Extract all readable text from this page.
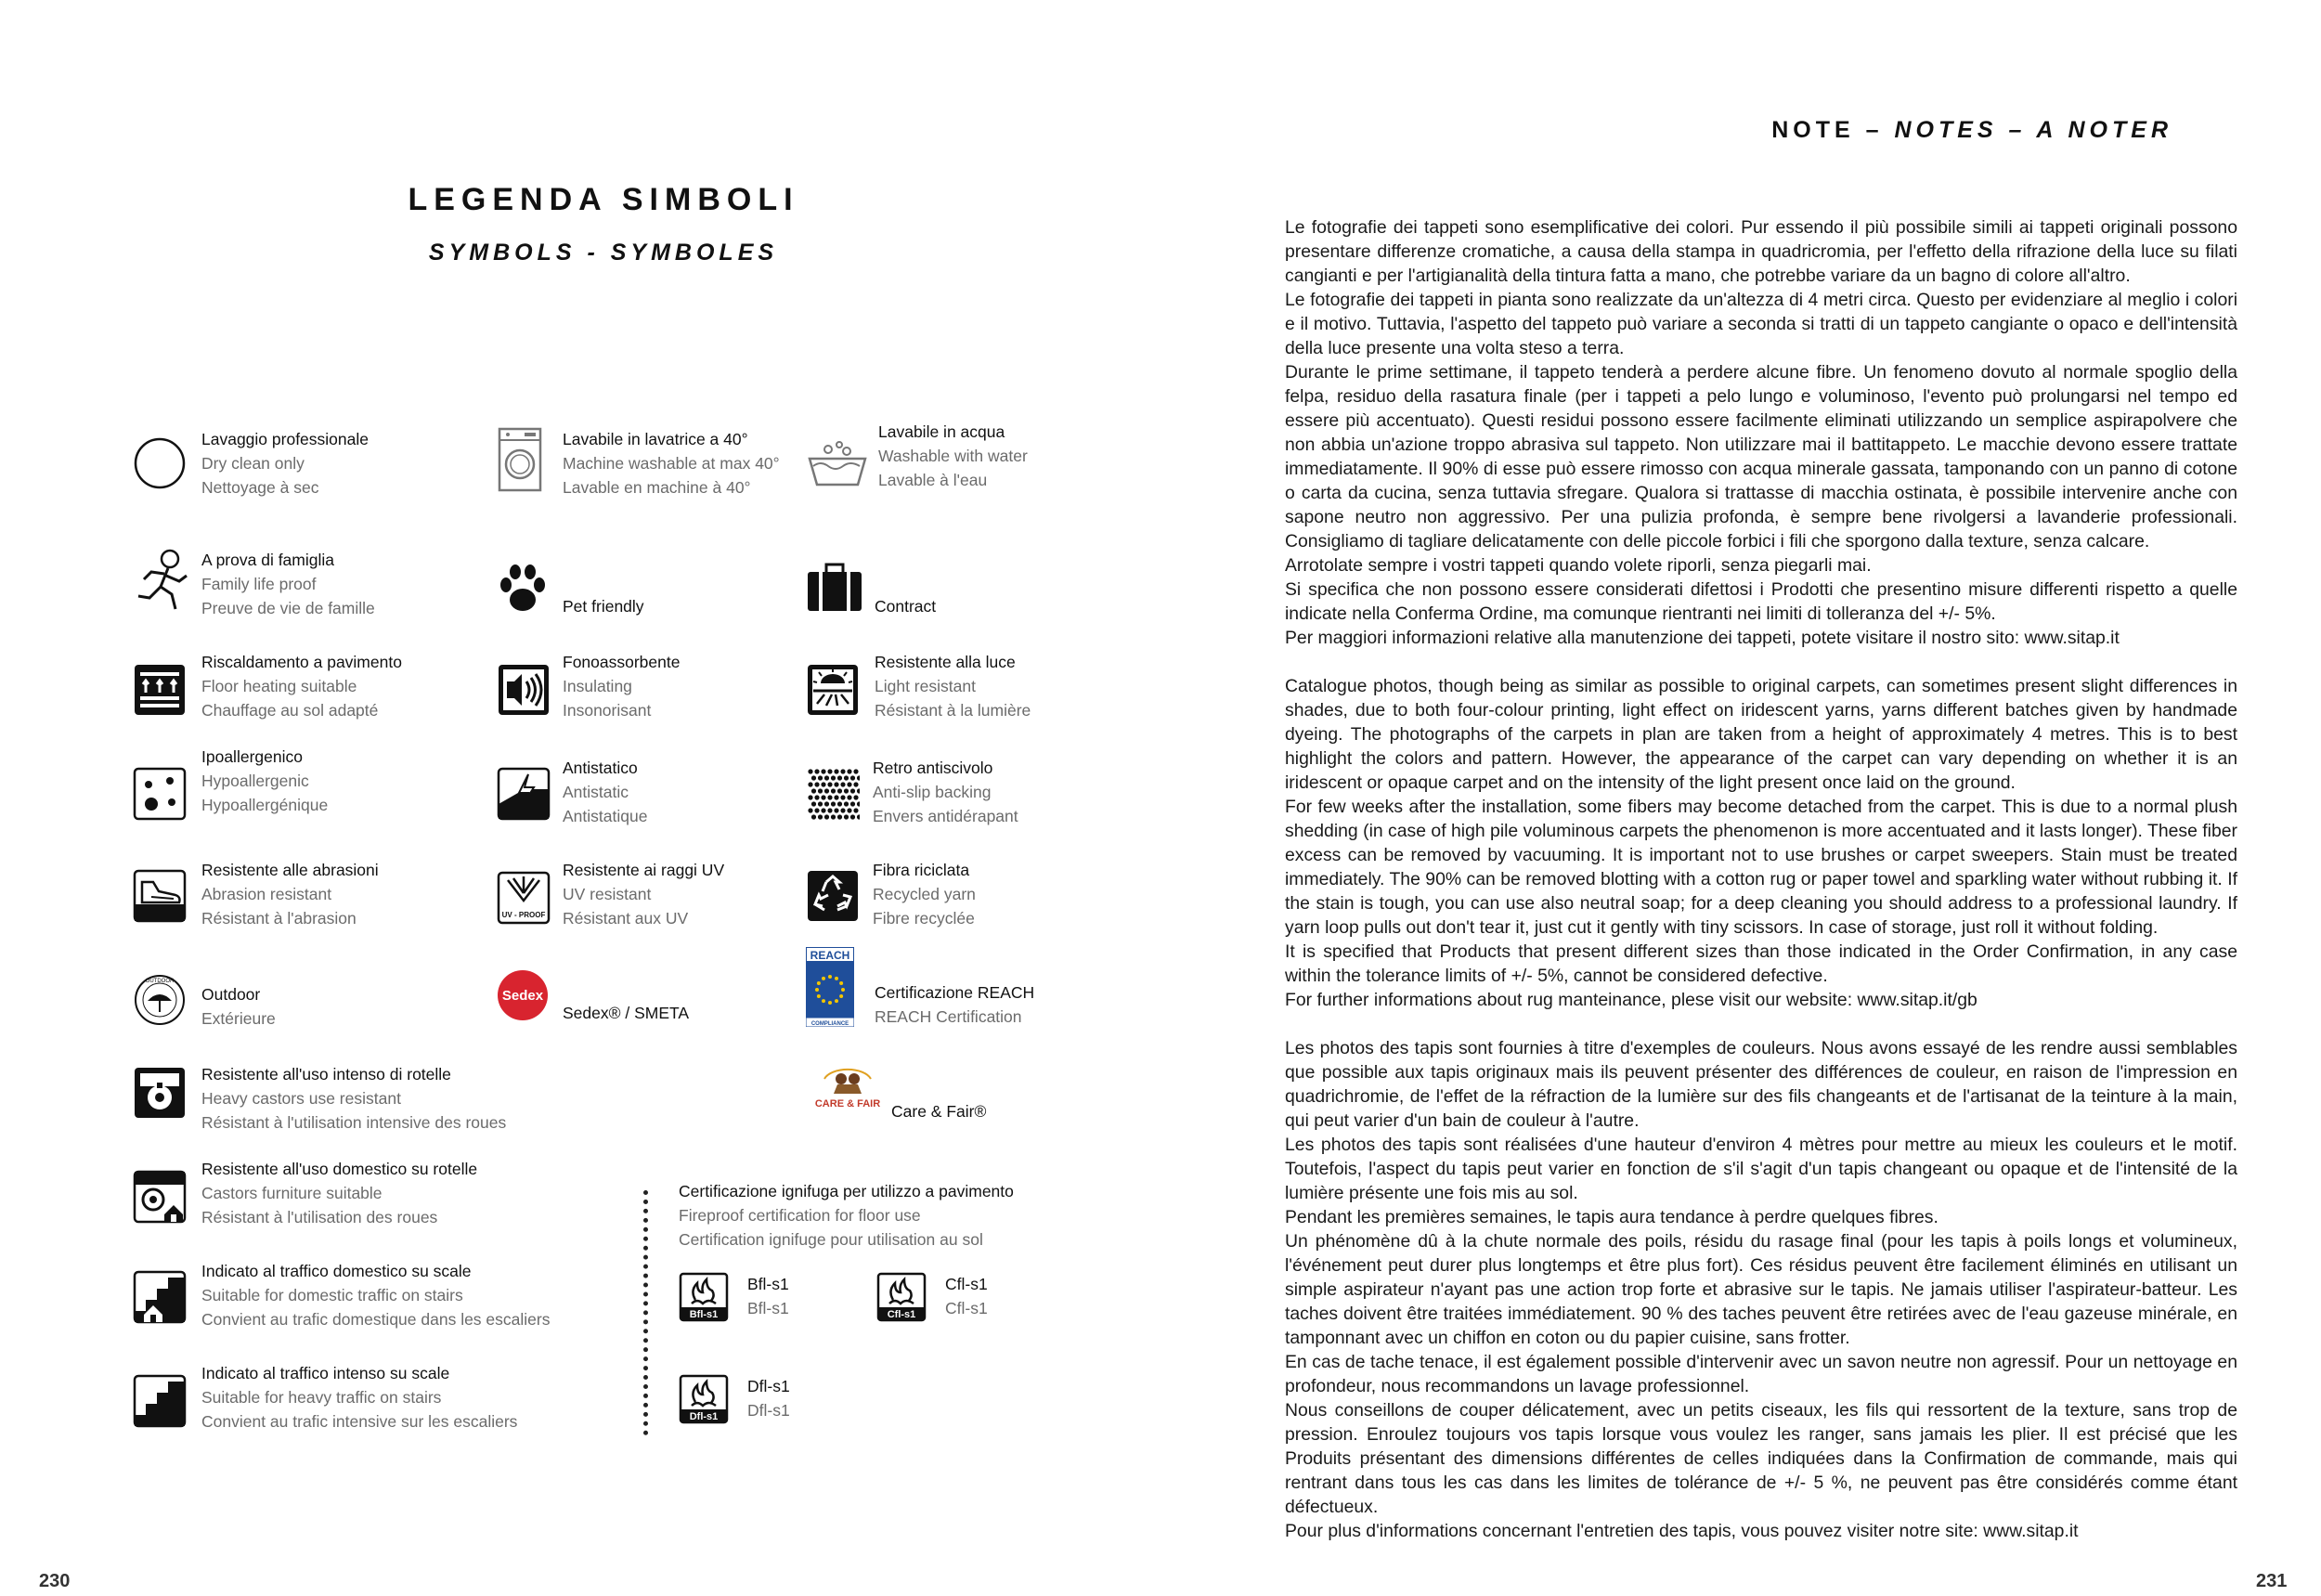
LEGENDA SIMBOLI
SYMBOLS - SYMBOLES
Lavaggio professionale
Dry clean only
Nettoyage à sec
Lavabile in lavatrice a 40°
Machine washable at max 40°
Lavable en machine à 40°
Lavabile in acqua
Washable with water
Lavable à l'eau
A prova di famiglia
Family life proof
Preuve de vie de famille	Pet friendly	Contract
Riscaldamento a pavimento
Floor heating suitable
Chauffage au sol adapté
Fonoassorbente
Insulating
Insonorisant
Resistente alla luce
Light resistant
Résistant à la lumière
Ipoallergenico
Hypoallergenic
Hypoallergénique
Antistatico
Antistatic
Antistatique
Retro antiscivolo
Anti-slip backing
Envers antidérapant
Resistente alle abrasioni
Abrasion resistant
Résistant à l'abrasion	UV - PROOF
Resistente ai raggi UV
UV resistant
Résistant aux UV
Fibra riciclata
Recycled yarn
Fibre recyclée
OUTDOOR
Outdoor
Extérieure
Sedex
Sedex® / SMETA
REACH
COMPLIANCE
Certificazione REACH
REACH Certification
Resistente all'uso intenso di rotelle
Heavy castors use resistant
Résistant à l'utilisation intensive des roues
CARE & FAIR Care & Fair®
Resistente all'uso domestico su rotelle
Castors furniture suitable
Résistant à l'utilisation des roues
Certificazione ignifuga per utilizzo a pavimento
Fireproof certification for floor use
Certification ignifuge pour utilisation au sol
Indicato al traffico domestico su scale
Suitable for domestic traffic on stairs
Convient au trafic domestique dans les escaliers	Bfl-s1
Bfl-s1
Bfl-s1	Cfl-s1
Cfl-s1
Cfl-s1
Indicato al traffico intenso su scale
Suitable for heavy traffic on stairs
Convient au trafic intensive sur les escaliers	Dfl-s1
Dfl-s1
Dfl-s1
230
NOTE – NOTES – A NOTER

Le fotografie dei tappeti sono esemplificative dei colori. Pur essendo il più possibile simili ai tappeti originali possono presentare differenze cromatiche, a causa della stampa in quadricromia, per l'effetto della rifrazione della luce su filati cangianti e per l'artigianalità della tintura fatta a mano, che potrebbe variare da un bagno di colore all'altro.

Le fotografie dei tappeti in pianta sono realizzate da un'altezza di 4 metri circa. Questo per evidenziare al meglio i colori e il motivo. Tuttavia, l'aspetto del tappeto può variare a seconda si tratti di un tappeto cangiante o opaco e dell'intensità della luce presente una volta steso a terra.

Durante le prime settimane, il tappeto tenderà a perdere alcune fibre. Un fenomeno dovuto al normale spoglio della felpa, residuo della rasatura finale (per i tappeti a pelo lungo e voluminoso, l'evento può prolungarsi nel tempo ed essere più accentuato). Questi residui possono essere facilmente eliminati utilizzando un semplice aspirapolvere che non abbia un'azione troppo abrasiva sul tappeto. Non utilizzare mai il battitappeto. Le macchie devono essere trattate immediatamente. Il 90% di esse può essere rimosso con acqua minerale gassata, tamponando con un panno di cotone o carta da cucina, senza tuttavia sfregare. Qualora si trattasse di macchia ostinata, è possibile intervenire anche con sapone neutro non aggressivo. Per una pulizia profonda, è sempre bene rivolgersi a lavanderie professionali. Consigliamo di tagliare delicatamente con delle piccole forbici i fili che sporgono dalla texture, senza calcare.

Arrotolate sempre i vostri tappeti quando volete riporli, senza piegarli mai.

Si specifica che non possono essere considerati difettosi i Prodotti che presentino misure differenti rispetto a quelle indicate nella Conferma Ordine, ma comunque rientranti nei limiti di tolleranza del +/- 5%.

Per maggiori informazioni relative alla manutenzione dei tappeti, potete visitare il nostro sito: www.sitap.it

Catalogue photos, though being as similar as possible to original carpets, can sometimes present slight differences in shades, due to both four-colour printing, light effect on iridescent yarns, yarns different batches given by handmade dyeing. The photographs of the carpets in plan are taken from a height of approximately 4 metres. This is to best highlight the colors and pattern. However, the appearance of the carpet can vary depending on whether it is an iridescent or opaque carpet and on the intensity of the light present once laid on the ground.

For few weeks after the installation, some fibers may become detached from the carpet. This is due to a normal plush shedding (in case of high pile voluminous carpets the phenomenon is more accentuated and it lasts longer). These fiber excess can be removed by vacuuming. It is important not to use brushes or carpet sweepers. Stain must be treated immediately. The 90% can be removed blotting with a cotton rug or paper towel and sparkling water without rubbing it. If the stain is tough, you can use also neutral soap; for a deep cleaning you should address to a professional laundry. If yarn loop pulls out don't tear it, just cut it gently with tiny scissors. In case of storage, just roll it without folding.

It is specified that Products that present different sizes than those indicated in the Order Confirmation, in any case within the tolerance limits of +/- 5%, cannot be considered defective.

For further informations about rug manteinance, plese visit our website: www.sitap.it/gb

Les photos des tapis sont fournies à titre d'exemples de couleurs. Nous avons essayé de les rendre aussi semblables que possible aux tapis originaux mais ils peuvent présenter des différences de couleur, en raison de l'impression en quadrichromie, de l'effet de la réfraction de la lumière sur des fils changeants et de l'artisanat de la teinture à la main, qui peut varier d'un bain de couleur à l'autre.

Les photos des tapis sont réalisées d'une hauteur d'environ 4 mètres pour mettre au mieux les couleurs et le motif. Toutefois, l'aspect du tapis peut varier en fonction de s'il s'agit d'un tapis changeant ou opaque et de l'intensité de la lumière présente une fois mis au sol.

Pendant les premières semaines, le tapis aura tendance à perdre quelques fibres.

Un phénomène dû à la chute normale des poils, résidu du rasage final (pour les tapis à poils longs et volumineux, l'événement peut durer plus longtemps et être plus fort). Ces résidus peuvent être facilement éliminés en utilisant un simple aspirateur n'ayant pas une action trop forte et abrasive sur le tapis. Ne jamais utiliser l'aspirateur-batteur. Les taches doivent être traitées immédiatement. 90 % des taches peuvent être retirées avec de l'eau gazeuse minérale, en tamponnant avec un chiffon en coton ou du papier cuisine, sans frotter.

En cas de tache tenace, il est également possible d'intervenir avec un savon neutre non agressif. Pour un nettoyage en profondeur, nous recommandons un lavage professionnel.

Nous conseillons de couper délicatement, avec un petits ciseaux, les fils qui ressortent de la texture, sans trop de pression. Enroulez toujours vos tapis lorsque vous voulez les ranger, sans jamais les plier. Il est précisé que les Produits présentant des dimensions différentes de celles indiquées dans la Confirmation de commande, mais qui rentrant dans tous les cas dans les limites de tolérance de +/- 5 %, ne peuvent pas être considérés comme étant défectueux.

Pour plus d'informations concernant l'entretien des tapis, vous pouvez visiter notre site: www.sitap.it

231
